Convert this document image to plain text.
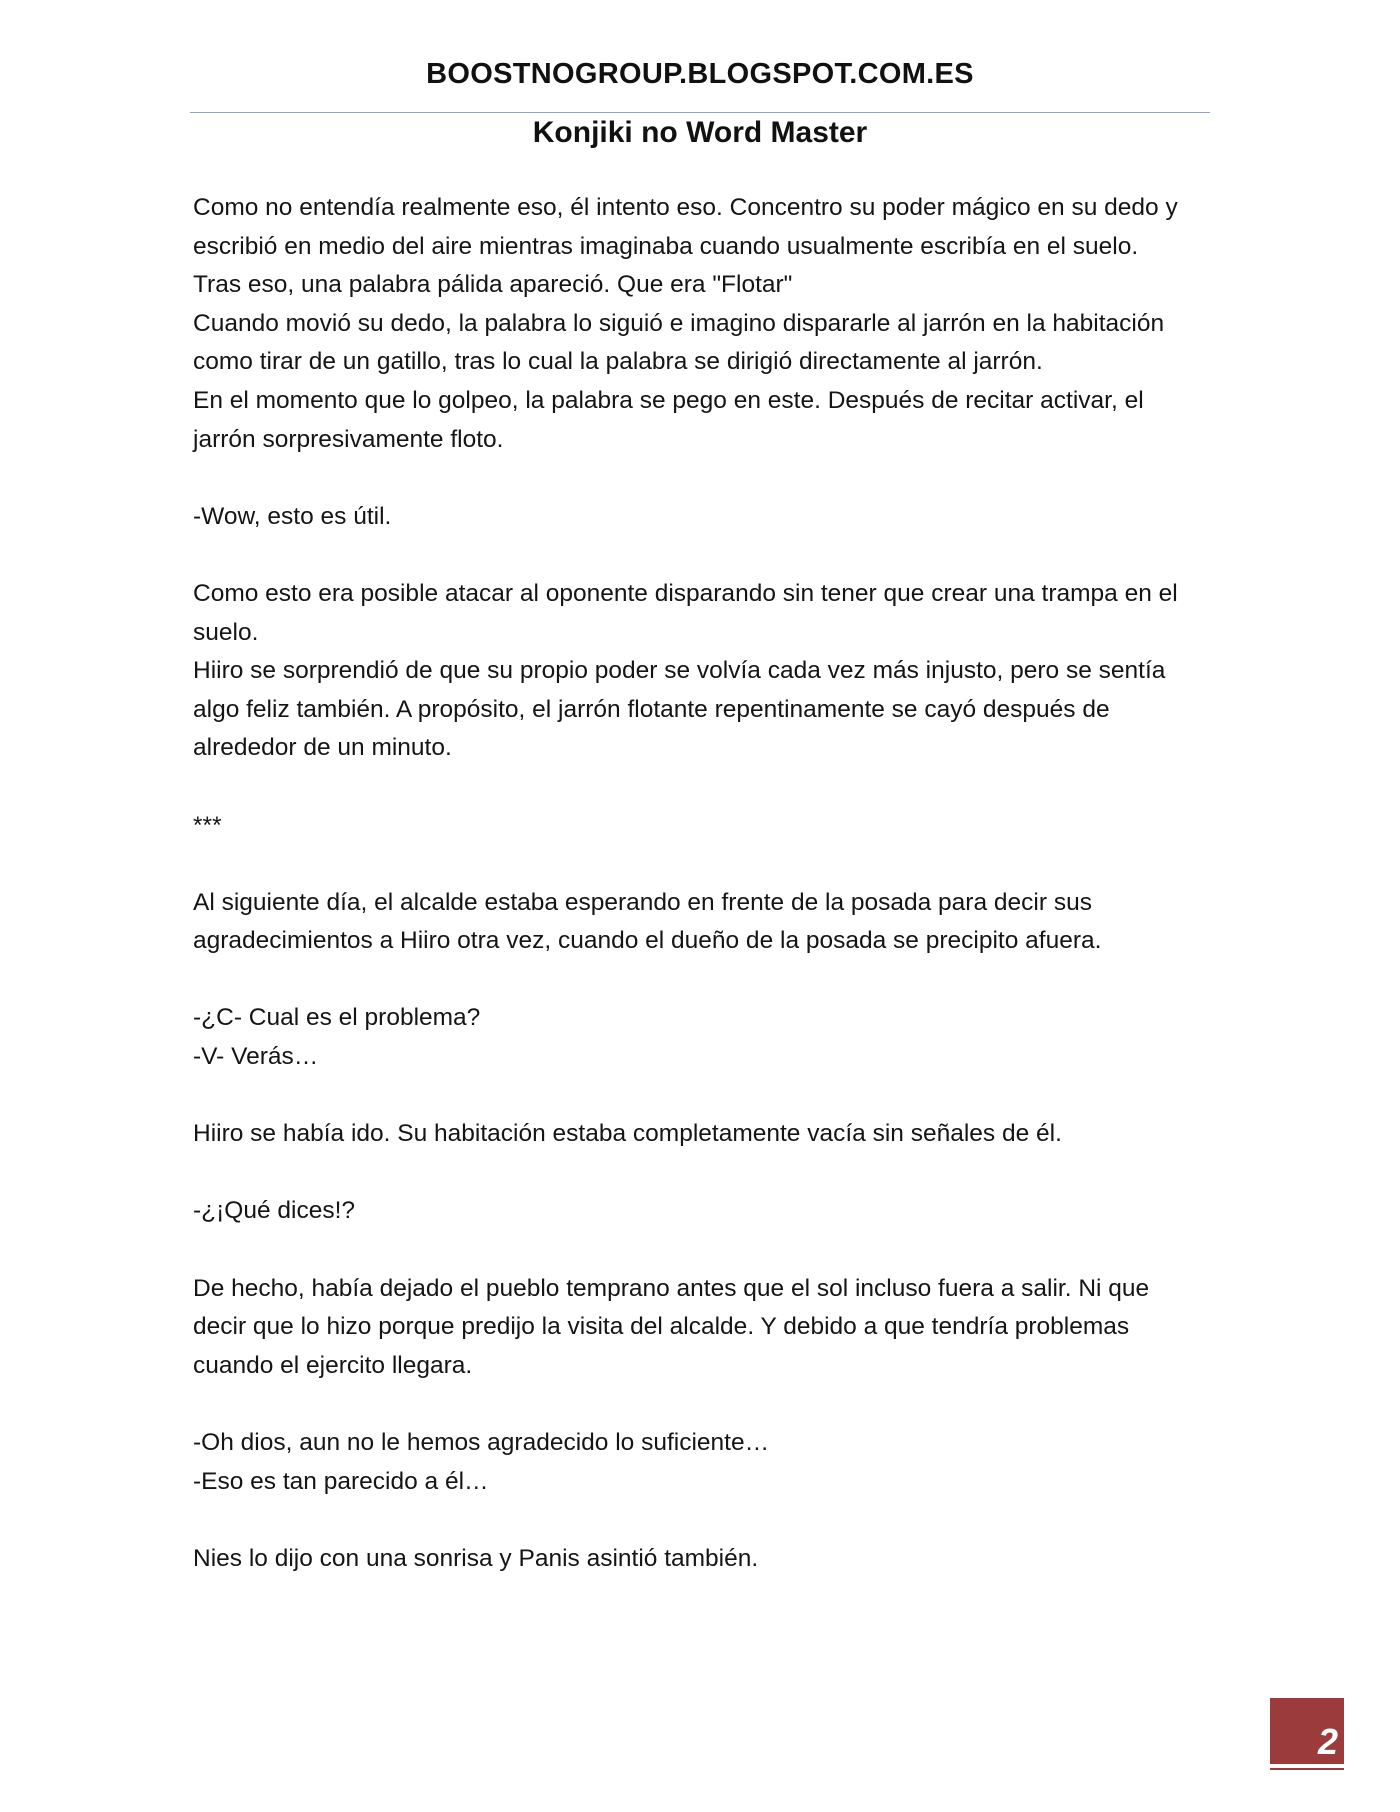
BOOSTNOGROUP.BLOGSPOT.COM.ES
Konjiki no Word Master
Como no entendía realmente eso, él intento eso. Concentro su poder mágico en su dedo y
escribió en medio del aire mientras imaginaba cuando usualmente escribía en el suelo.
Tras eso, una palabra pálida apareció. Que era "Flotar"
Cuando movió su dedo, la palabra lo siguió e imagino dispararle al jarrón en la habitación
como tirar de un gatillo, tras lo cual la palabra se dirigió directamente al jarrón.
En el momento que lo golpeo, la palabra se pego en este. Después de recitar activar, el
jarrón sorpresivamente floto.
-Wow, esto es útil.
Como esto era posible atacar al oponente disparando sin tener que crear una trampa en el
suelo.
Hiiro se sorprendió de que su propio poder se volvía cada vez más injusto, pero se sentía
algo feliz también. A propósito, el jarrón flotante repentinamente se cayó después de
alrededor de un minuto.
***
Al siguiente día, el alcalde estaba esperando en frente de la posada para decir sus
agradecimientos a Hiiro otra vez, cuando el dueño de la posada se precipito afuera.
-¿C- Cual es el problema?
-V- Verás…
Hiiro se había ido. Su habitación estaba completamente vacía sin señales de él.
-¿¡Qué dices!?
De hecho, había dejado el pueblo temprano antes que el sol incluso fuera a salir. Ni que
decir que lo hizo porque predijo la visita del alcalde. Y debido a que tendría problemas
cuando el ejercito llegara.
-Oh dios, aun no le hemos agradecido lo suficiente…
-Eso es tan parecido a él…
Nies lo dijo con una sonrisa y Panis asintió también.
2
